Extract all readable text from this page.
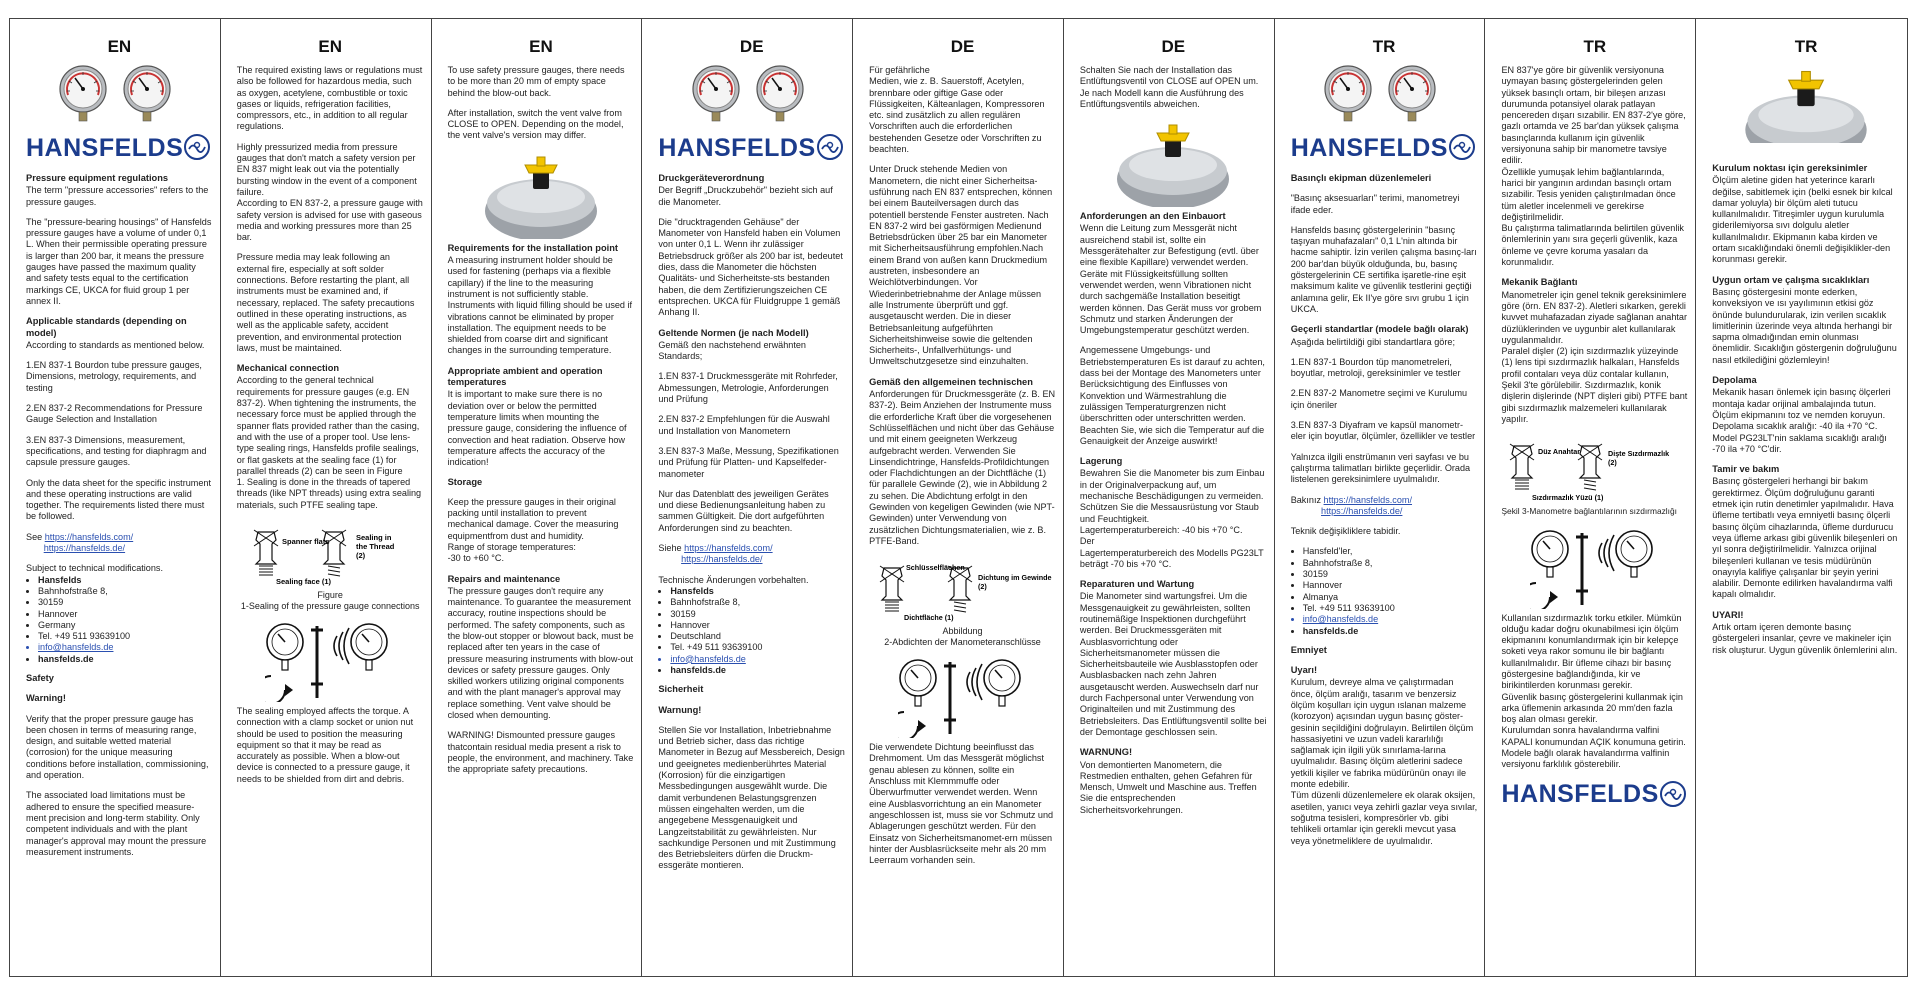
EN
HANSFELDS
Pressure equipment regulations
The term "pressure accessories" refers to the pressure gauges.
The "pressure-bearing housings" of Hansfelds pressure gauges have a volume of under 0,1 L. When their permissible operating pressure is larger than 200 bar, it means the pressure gauges have passed the maximum quality and safety tests equal to the certification markings CE, UKCA for fluid group 1 per annex II.
Applicable standards (depending on model)
According to standards as mentioned below.
1.EN 837-1 Bourdon tube pressure gauges, Dimensions, metrology, requirements, and testing
2.EN 837-2 Recommendations for Pressure Gauge Selection and Installation
3.EN 837-3 Dimensions, measurement, specifications, and testing for diaphragm and capsule pressure gauges.
Only the data sheet for the specific instrument and these operating instructions are valid together. The requirements listed there must be followed.
See https://hansfelds.com/
https://hansfelds.de/
Subject to technical modifications.
• Hansfelds
• Bahnhofstraße 8,
• 30159
• Hannover
• Germany
• Tel. +49 511 93639100
• info@hansfelds.de
• hansfelds.de
Safety
Warning!
Verify that the proper pressure gauge has been chosen in terms of measuring range, design, and suitable wetted material (corrosion) for the unique measuring conditions before installation, commissioning, and operation.
The associated load limitations must be adhered to ensure the specified measure-ment precision and long-term stability. Only competent individuals and with the plant manager's approval may mount the pressure measurement instruments.
EN
The required existing laws or regulations must also be followed for hazardous media, such as oxygen, acetylene, combustible or toxic gases or liquids, refrigeration facilities, compressors, etc., in addition to all regular regulations.
Highly pressurized media from pressure gauges that don't match a safety version per EN 837 might leak out via the potentially bursting window in the event of a component failure.
According to EN 837-2, a pressure gauge with safety version is advised for use with gaseous media and working pressures more than 25 bar.
Pressure media may leak following an external fire, especially at soft solder connections. Before restarting the plant, all instruments must be examined and, if necessary, replaced. The safety precautions outlined in these operating instructions, as well as the applicable safety, accident prevention, and environmental protection laws, must be maintained.
Mechanical connection
According to the general technical requirements for pressure gauges (e.g. EN 837-2). When tightening the instruments, the necessary force must be applied through the spanner flats provided rather than the casing, and with the use of a proper tool. Use lens-type sealing rings, Hansfelds profile sealings, or flat gaskets at the sealing face (1) for parallel threads (2) can be seen in Figure
1. Sealing is done in the threads of tapered threads (like NPT threads) using extra sealing materials, such PTFE sealing tape.
Spanner flats	Sealing in
the Thread
(2)
Sealing face (1)
Figure
1-Sealing of the pressure gauge connections
The sealing employed affects the torque. A connection with a clamp socket or union nut should be used to position the measuring equipment so that it may be read as accurately as possible. When a blow-out device is connected to a pressure gauge, it needs to be shielded from dirt and debris.
EN
To use safety pressure gauges, there needs to be more than 20 mm of empty space behind the blow-out back.
After installation, switch the vent valve from CLOSE to OPEN. Depending on the model, the vent valve's version may differ.
Requirements for the installation point
A measuring instrument holder should be used for fastening (perhaps via a flexible capillary) if the line to the measuring instrument is not sufficiently stable. Instruments with liquid filling should be used if vibrations cannot be eliminated by proper installation. The equipment needs to be shielded from coarse dirt and significant changes in the surrounding temperature.
Appropriate ambient and operation temperatures
It is important to make sure there is no deviation over or below the permitted temperature limits when mounting the pressure gauge, considering the influence of convection and heat radiation. Observe how temperature affects the accuracy of the indication!
Storage
Keep the pressure gauges in their original packing until installation to prevent mechanical damage. Cover the measuring equipmentfrom dust and humidity.
Range of storage temperatures:
-30 to +60 °C.
Repairs and maintenance
The pressure gauges don't require any maintenance. To guarantee the measurement accuracy, routine inspections should be performed. The safety components, such as the blow-out stopper or blowout back, must be replaced after ten years in the case of pressure measuring instruments with blow-out devices or safety pressure gauges. Only skilled workers utilizing original components and with the plant manager's approval may replace something. Vent valve should be closed when demounting.
WARNING! Dismounted pressure gauges thatcontain residual media present a risk to people, the environment, and machinery. Take the appropriate safety precautions.
DE
HANSFELDS
Druckgeräteverordnung
Der Begriff „Druckzubehör" bezieht sich auf die Manometer.
Die "drucktragenden Gehäuse" der Manometer von Hansfeld haben ein Volumen von unter 0,1 L. Wenn ihr zulässiger Betriebsdruck größer als 200 bar ist, bedeutet dies, dass die Manometer die höchsten Qualitäts- und Sicherheitste-sts bestanden haben, die dem Zertifizierungszeichen CE entsprechen. UKCA für Fluidgruppe 1 gemäß Anhang II.
Geltende Normen (je nach Modell)
Gemäß den nachstehend erwähnten Standards;
1.EN 837-1 Druckmessgeräte mit Rohrfeder, Abmessungen, Metrologie, Anforderungen und Prüfung
2.EN 837-2 Empfehlungen für die Auswahl und Installation von Manometern
3.EN 837-3 Maße, Messung, Spezifikationen und Prüfung für Platten- und Kapselfeder-manometer
Nur das Datenblatt des jeweiligen Gerätes und diese Bedienungsanleitung haben zu sammen Gültigkeit. Die dort aufgeführten Anforderungen sind zu beachten.
Siehe https://hansfelds.com/
https://hansfelds.de/
Technische Änderungen vorbehalten.
• Hansfelds
• Bahnhofstraße 8,
• 30159
• Hannover
• Deutschland
• Tel. +49 511 93639100
• info@hansfelds.de
• hansfelds.de
Sicherheit
Warnung!
Stellen Sie vor Installation, Inbetriebnahme und Betrieb sicher, dass das richtige Manometer in Bezug auf Messbereich, Design und geeignetes medienberührtes Material (Korrosion) für die einzigartigen Messbedingungen ausgewählt wurde. Die damit verbundenen Belastungsgrenzen müssen eingehalten werden, um die angegebene Messgenauigkeit und Langzeitstabilität zu gewährleisten. Nur sachkundige Personen und mit Zustimmung des Betriebsleiters dürfen die Druckm-essgeräte montieren.
DE
Für gefährliche
Medien, wie z. B. Sauerstoff, Acetylen, brennbare oder giftige Gase oder Flüssigkeiten, Kälteanlagen, Kompressoren etc. sind zusätzlich zu allen regulären Vorschriften auch die erforderlichen bestehenden Gesetze oder Vorschriften zu beachten.
Unter Druck stehende Medien von Manometern, die nicht einer Sicherheitsa-usführung nach EN 837 entsprechen, können bei einem Bauteilversagen durch das potentiell berstende Fenster austreten. Nach EN 837-2 wird bei gasförmigen Medienund Betriebsdrücken über 25 bar ein Manometer mit Sicherheitsausführung empfohlen.Nach einem Brand von außen kann Druckmedium austreten, insbesondere an Weichlötverbindungen. Vor Wiederinbetriebnahme der Anlage müssen alle Instrumente überprüft und ggf. ausgetauscht werden. Die in dieser Betriebsanleitung aufgeführten Sicherheitshinweise sowie die geltenden Sicherheits-, Unfallverhütungs- und Umweltschutzgesetze sind einzuhalten.
Gemäß den allgemeinen technischen
Anforderungen für Druckmessgeräte (z. B. EN 837-2). Beim Anziehen der Instrumente muss die erforderliche Kraft über die vorgesehenen Schlüsselflächen und nicht über das Gehäuse und mit einem geeigneten Werkzeug aufgebracht werden. Verwenden Sie Linsendichtringe, Hansfelds-Profildichtungen oder Flachdichtungen an der Dichtfläche (1) für parallele Gewinde (2), wie in Abbildung 2 zu sehen. Die Abdichtung erfolgt in den Gewinden von kegeligen Gewinden (wie NPT-Gewinden) unter Verwendung von zusätzlichen Dichtungsmaterialien, wie z. B. PTFE-Band.
Schlüsselflächen
Dichtung im Gewinde
(2)
Dichtfläche (1)
Abbildung
2-Abdichten der Manometeranschlüsse
Die verwendete Dichtung beeinflusst das Drehmoment. Um das Messgerät möglichst genau ablesen zu können, sollte ein Anschluss mit Klemmmuffe oder Überwurfmutter verwendet werden. Wenn eine Ausblasvorrichtung an ein Manometer angeschlossen ist, muss sie vor Schmutz und Ablagerungen geschützt werden. Für den Einsatz von Sicherheitsmanomet-ern müssen hinter der Ausblasrückseite mehr als 20 mm Leerraum vorhanden sein.
DE
Schalten Sie nach der Installation das Entlüftungsventil von CLOSE auf OPEN um. Je nach Modell kann die Ausführung des Entlüftungsventils abweichen.
Anforderungen an den Einbauort
Wenn die Leitung zum Messgerät nicht ausreichend stabil ist, sollte ein Messgerätehalter zur Befestigung (evtl. über eine flexible Kapillare) verwendet werden. Geräte mit Flüssigkeitsfüllung sollten verwendet werden, wenn Vibrationen nicht durch sachgemäße Installation beseitigt werden können. Das Gerät muss vor grobem Schmutz und starken Änderungen der Umgebungstemperatur geschützt werden.
Angemessene Umgebungs- und Betriebstemperaturen Es ist darauf zu achten, dass bei der Montage des Manometers unter Berücksichtigung des Einflusses von Konvektion und Wärmestrahlung die zulässigen Temperaturgrenzen nicht überschritten oder unterschritten werden. Beachten Sie, wie sich die Temperatur auf die Genauigkeit der Anzeige auswirkt!
Lagerung
Bewahren Sie die Manometer bis zum Einbau in der Originalverpackung auf, um mechanische Beschädigungen zu vermeiden. Schützen Sie die Messausrüstung vor Staub und Feuchtigkeit.
Lagertemperaturbereich: -40 bis +70 °C.
Der
Lagertemperaturbereich des Modells PG23LT beträgt -70 bis +70 °C.
Reparaturen und Wartung
Die Manometer sind wartungsfrei. Um die Messgenauigkeit zu gewährleisten, sollten routinemäßige Inspektionen durchgeführt werden. Bei Druckmessgeräten mit Ausblasvorrichtung oder Sicherheitsmanometer müssen die Sicherheitsbauteile wie Ausblasstopfen oder Ausblasbacken nach zehn Jahren ausgetauscht werden. Auswechseln darf nur durch Fachpersonal unter Verwendung von Originalteilen und mit Zustimmung des Betriebsleiters. Das Entlüftungsventil sollte bei der Demontage geschlossen sein.
WARNUNG!
Von demontierten Manometern, die Restmedien enthalten, gehen Gefahren für Mensch, Umwelt und Maschine aus. Treffen Sie die entsprechenden Sicherheitsvorkehrungen.
TR
HANSFELDS
Basınçlı ekipman düzenlemeleri
"Basınç aksesuarları" terimi, manometreyi ifade eder.
Hansfelds basınç göstergelerinin "basınç taşıyan muhafazaları" 0,1 L'nin altında bir hacme sahiptir. İzin verilen çalışma basınç-ları 200 bar'dan büyük olduğunda, bu, basınç göstergelerinin CE sertifika işaretle-rine eşit maksimum kalite ve güvenlik testlerini geçtiği anlamına gelir, Ek II'ye göre sıvı grubu 1 için UKCA.
Geçerli standartlar (modele bağlı olarak)
Aşağıda belirtildiği gibi standartlara göre;
1.EN 837-1 Bourdon tüp manometreleri, boyutlar, metroloji, gereksinimler ve testler
2.EN 837-2 Manometre seçimi ve Kurulumu için öneriler
3.EN 837-3 Diyafram ve kapsül manometr-eler için boyutlar, ölçümler, özellikler ve testler
Yalnızca ilgili enstrümanın veri sayfası ve bu çalıştırma talimatları birlikte geçerlidir. Orada listelenen gereksinimlere uyulmalıdır.
Bakınız https://hansfelds.com/
https://hansfelds.de/
Teknik değişikliklere tabidir.
• Hansfeld'ler,
• Bahnhofstraße 8,
• 30159
• Hannover
• Almanya
• Tel. +49 511 93639100
• info@hansfelds.de
• hansfelds.de
Emniyet
Uyarı!
Kurulum, devreye alma ve çalıştırmadan önce, ölçüm aralığı, tasarım ve benzersiz ölçüm koşulları için uygun ıslanan malzeme (korozyon) açısından uygun basınç göster-gesinin seçildiğini doğrulayın. Belirtilen ölçüm hassasiyetini ve uzun vadeli kararlılığı sağlamak için ilgili yük sınırlama-larına uyulmalıdır. Basınç ölçüm aletlerini sadece yetkili kişiler ve fabrika müdürünün onayı ile monte edebilir.
Tüm düzenli düzenlemelere ek olarak oksijen, asetilen, yanıcı veya zehirli gazlar veya sıvılar, soğutma tesisleri, kompresörler vb. gibi tehlikeli ortamlar için gerekli mevcut yasa veya yönetmeliklere de uyulmalıdır.
TR
EN 837'ye göre bir güvenlik versiyonuna uymayan basınç göstergelerinden gelen yüksek basınçlı ortam, bir bileşen arızası durumunda potansiyel olarak patlayan pencereden dışarı sızabilir. EN 837-2'ye göre, gazlı ortamda ve 25 bar'dan yüksek çalışma basınçlarında kullanım için güvenlik versiyonuna sahip bir manometre tavsiye edilir.
Özellikle yumuşak lehim bağlantılarında, harici bir yangının ardından basınçlı ortam sızabilir. Tesis yeniden çalıştırılmadan önce tüm aletler incelenmeli ve gerekirse değiştirilmelidir.
Bu çalıştırma talimatlarında belirtilen güvenlik önlemlerinin yanı sıra geçerli güvenlik, kaza önleme ve çevre koruma yasaları da korunmalıdır.
Mekanik Bağlantı
Manometreler için genel teknik gereksinimlere göre (örn. EN 837-2). Aletleri sıkarken, gerekli kuvvet muhafazadan ziyade sağlanan anahtar düzlüklerinden ve uygunbir alet kullanılarak uygulanmalıdır.
Paralel dişler (2) için sızdırmazlık yüzeyinde (1) lens tipi sızdırmazlık halkaları, Hansfelds profil contaları veya düz contalar kullanın, Şekil 3'te görülebilir. Sızdırmazlık, konik dişlerin dişlerinde (NPT dişleri gibi) PTFE bant gibi sızdırmazlık malzemeleri kullanılarak yapılır.
Düz Anahtar	Dişte Sızdırmazlık
(2)
Sızdırmazlık Yüzü (1)
Şekil 3-Manometre bağlantılarının sızdırmazlığı
Kullanılan sızdırmazlık torku etkiler. Mümkün olduğu kadar doğru okunabilmesi için ölçüm ekipmanını konumlandırmak için bir kelepçe soketi veya rakor somunu ile bir bağlantı kullanılmalıdır. Bir üfleme cihazı bir basınç göstergesine bağlandığında, kir ve birikintilerden korunması gerekir.
Güvenlik basınç göstergelerini kullanmak için arka üflemenin arkasında 20 mm'den fazla boş alan olması gerekir.
Kurulumdan sonra havalandırma valfini KAPALI konumundan AÇIK konumuna getirin.
Modele bağlı olarak havalandırma valfinin versiyonu farklılık gösterebilir.
HANSFELDS
TR
Kurulum noktası için gereksinimler
Ölçüm aletine giden hat yeterince kararlı değilse, sabitlemek için (belki esnek bir kılcal damar yoluyla) bir ölçüm aleti tutucu kullanılmalıdır. Titreşimler uygun kurulumla giderilemiyorsa sıvı dolgulu aletler kullanılmalıdır. Ekipmanın kaba kirden ve ortam sıcaklığındaki önemli değişiklikler-den korunması gerekir.
Uygun ortam ve çalışma sıcaklıkları
Basınç göstergesini monte ederken, konveksiyon ve ısı yayılımının etkisi göz önünde bulundurularak, izin verilen sıcaklık limitlerinin üzerinde veya altında herhangi bir sapma olmadığından emin olunması önemlidir. Sıcaklığın göstergenin doğruluğunu nasıl etkilediğini gözlemleyin!
Depolama
Mekanik hasarı önlemek için basınç ölçerleri montaja kadar orijinal ambalajında tutun.
Ölçüm ekipmanını toz ve nemden koruyun. Depolama sıcaklık aralığı: -40 ila +70 °C. Model PG23LT'nin saklama sıcaklığı aralığı -70 ila +70 °C'dir.
Tamir ve bakım
Basınç göstergeleri herhangi bir bakım gerektirmez. Ölçüm doğruluğunu garanti etmek için rutin denetimler yapılmalıdır. Hava üfleme tertibatlı veya emniyetli basınç ölçerli basınç ölçüm cihazlarında, üfleme durdurucu veya üfleme arkası gibi güvenlik bileşenleri on yıl sonra değiştirilmelidir. Yalnızca orijinal bileşenleri kullanan ve tesis müdürünün onayıyla kalifiye çalışanlar bir şeyin yerini alabilir. Demonte edilirken havalandırma valfi kapalı olmalıdır.
UYARI!
Artık ortam içeren demonte basınç göstergeleri insanlar, çevre ve makineler için risk oluşturur. Uygun güvenlik önlemlerini alın.
